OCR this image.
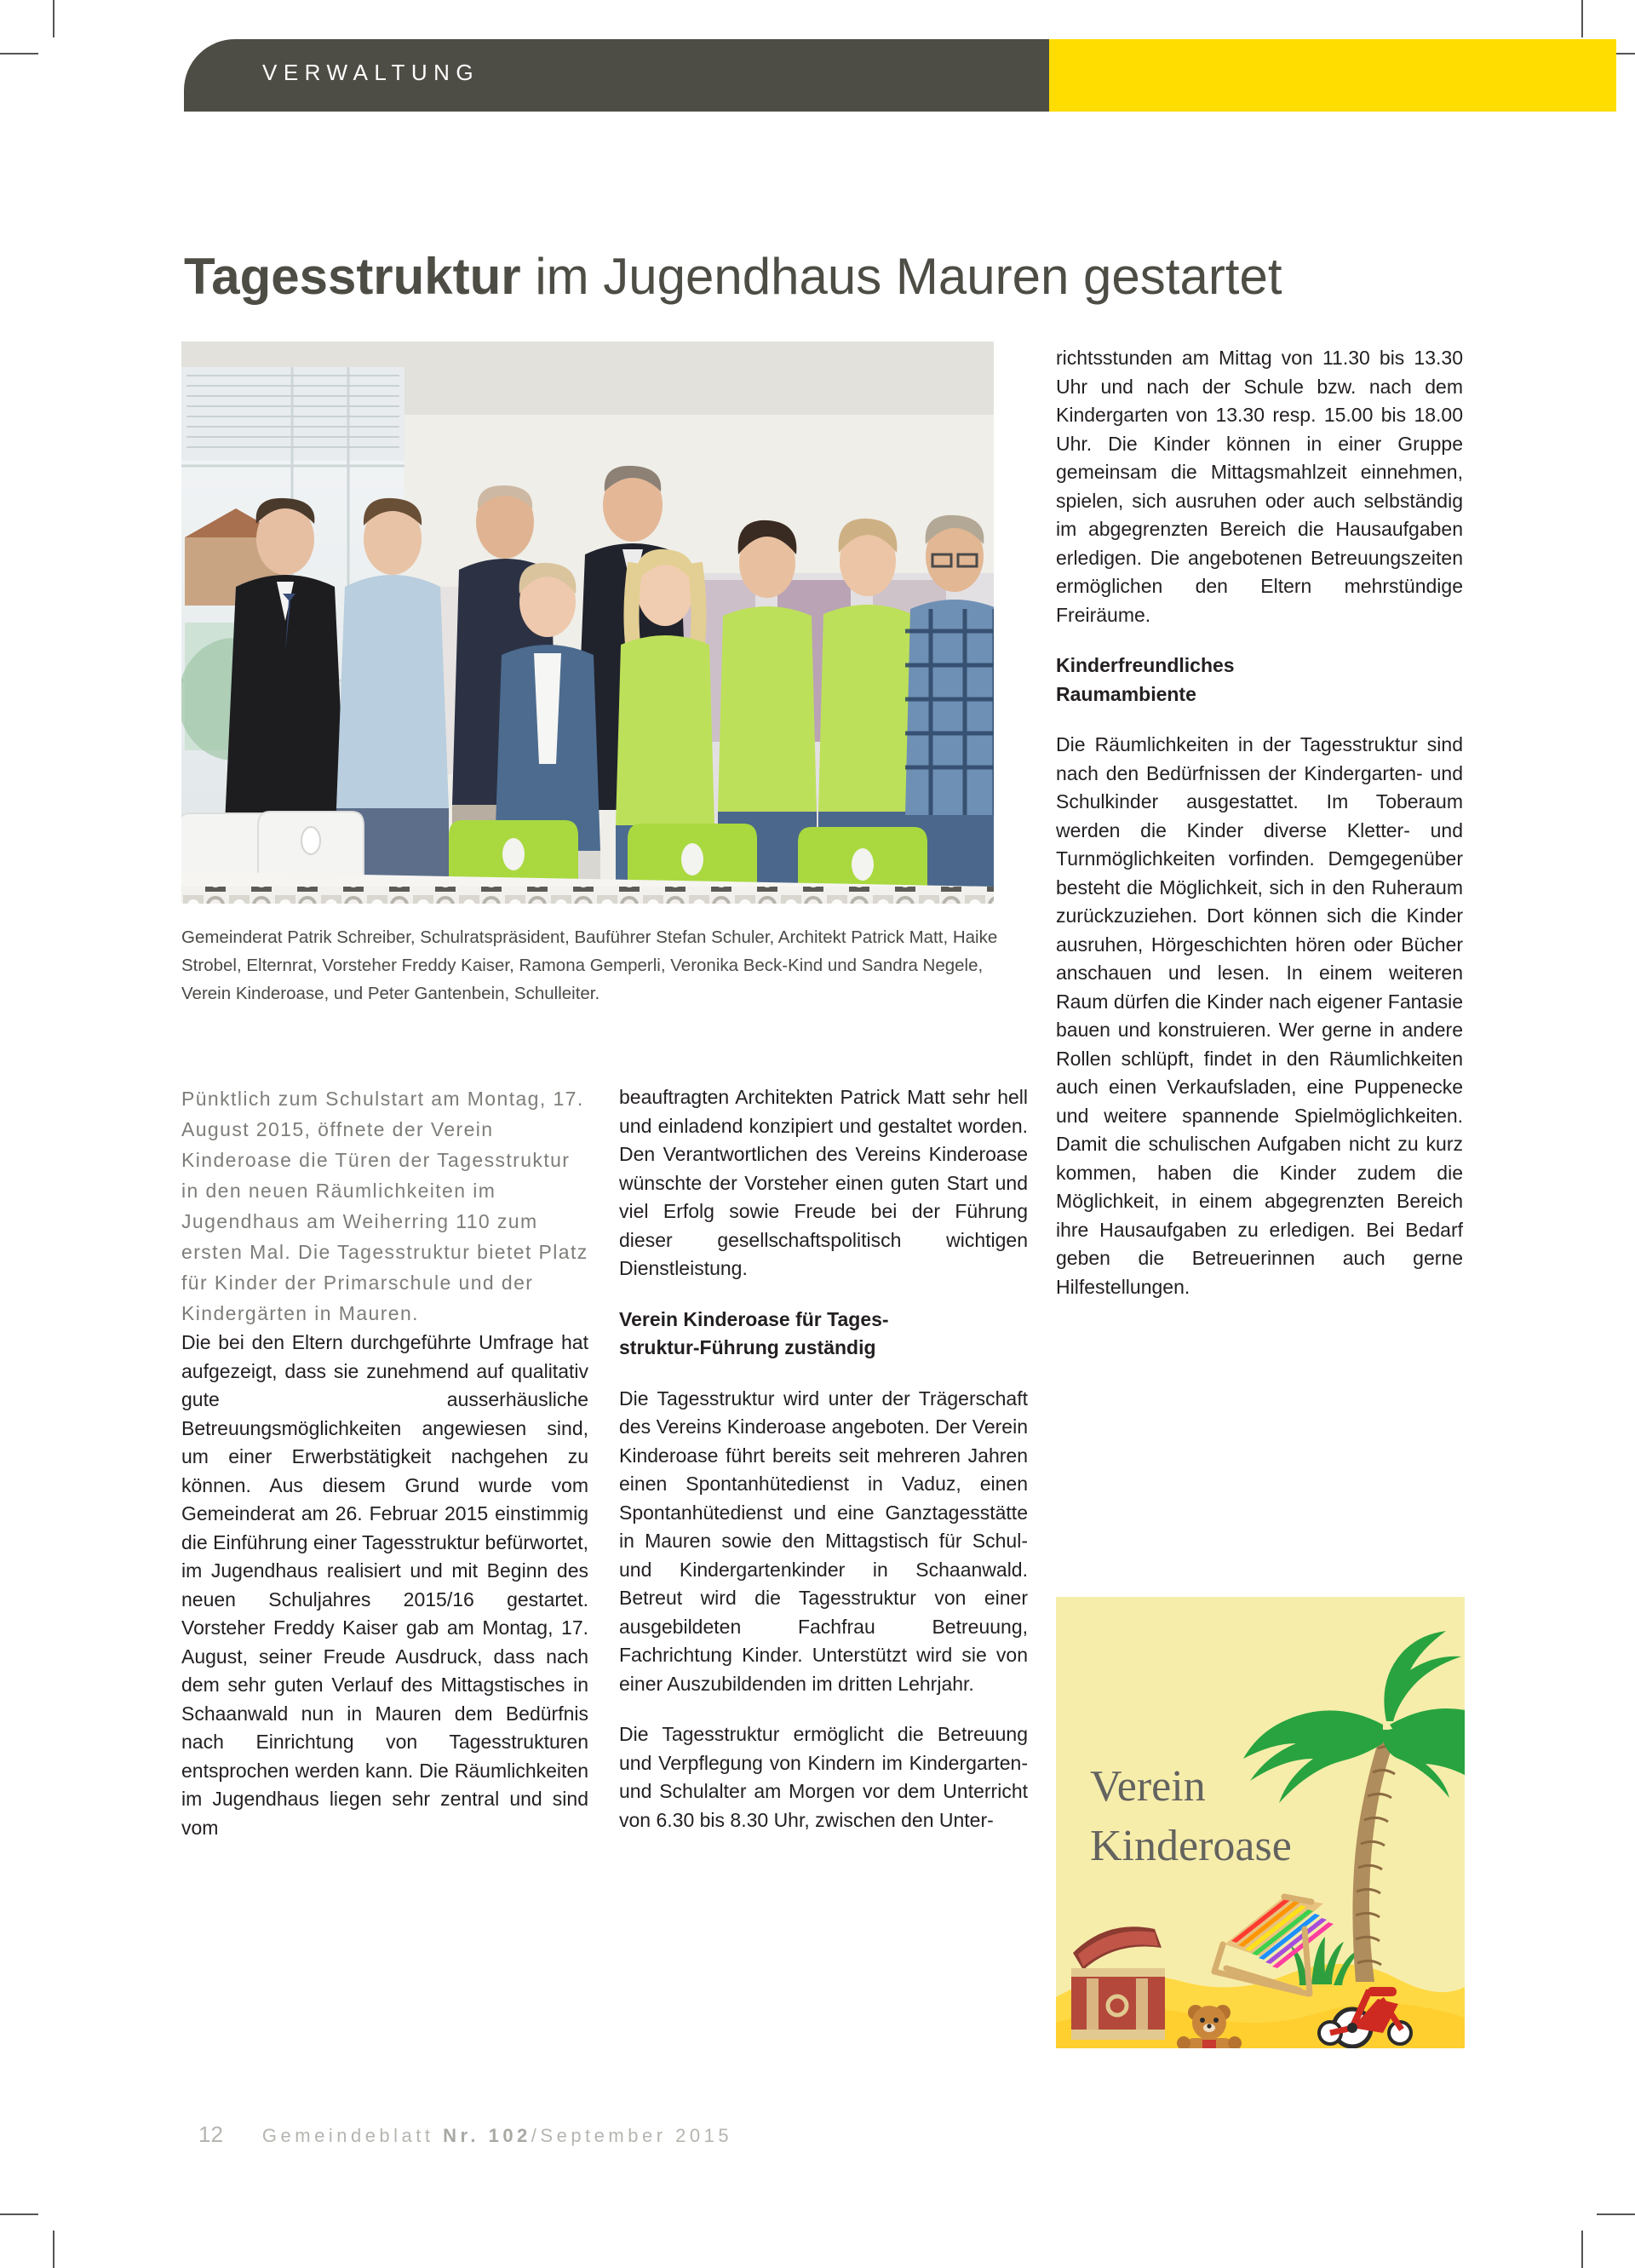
VERWALTUNG
Tagesstruktur im Jugendhaus Mauren gestartet
Gemeinderat Patrik Schreiber, Schulratspräsident, Bauführer Stefan Schuler, Architekt Patrick Matt, Haike Strobel, Elternrat, Vorsteher Freddy Kaiser, Ramona Gemperli, Veronika Beck-Kind und Sandra Negele, Verein Kinderoase, und Peter Gantenbein, Schulleiter.

Pünktlich zum Schulstart am Montag, 17. August 2015, öffnete der Verein Kinderoase die Türen der Tagesstruktur in den neuen Räumlichkeiten im Jugendhaus am Weiherring 110 zum ersten Mal. Die Tagesstruktur bietet Platz für Kinder der Primarschule und der Kindergärten in Mauren.

Die bei den Eltern durchgeführte Umfrage hat aufgezeigt, dass sie zunehmend auf qualitativ gute ausserhäusliche Betreuungsmöglichkeiten angewiesen sind, um einer Erwerbstätigkeit nachgehen zu können. Aus diesem Grund wurde vom Gemeinderat am 26. Februar 2015 einstimmig die Einführung einer Tagesstruktur befürwortet, im Jugendhaus realisiert und mit Beginn des neuen Schuljahres 2015/16 gestartet. Vorsteher Freddy Kaiser gab am Montag, 17. August, seiner Freude Ausdruck, dass nach dem sehr guten Verlauf des Mittagstisches in Schaanwald nun in Mauren dem Bedürfnis nach Einrichtung von Tagesstrukturen entsprochen werden kann. Die Räumlichkeiten im Jugendhaus liegen sehr zentral und sind vom

beauftragten Architekten Patrick Matt sehr hell und einladend konzipiert und gestaltet worden. Den Verantwortlichen des Vereins Kinderoase wünschte der Vorsteher einen guten Start und viel Erfolg sowie Freude bei der Führung dieser gesellschaftspolitisch wichtigen Dienstleistung.

Verein Kinderoase für Tages-
struktur-Führung zuständig

Die Tagesstruktur wird unter der Trägerschaft des Vereins Kinderoase angeboten. Der Verein Kinderoase führt bereits seit mehreren Jahren einen Spontanhütedienst in Vaduz, einen Spontanhütedienst und eine Ganztagesstätte in Mauren sowie den Mittagstisch für Schul- und Kindergartenkinder in Schaanwald. Betreut wird die Tagesstruktur von einer ausgebildeten Fachfrau Betreuung, Fachrichtung Kinder. Unterstützt wird sie von einer Auszubildenden im dritten Lehrjahr.

Die Tagesstruktur ermöglicht die Betreuung und Verpflegung von Kindern im Kindergarten- und Schulalter am Morgen vor dem Unterricht von 6.30 bis 8.30 Uhr, zwischen den Unter-

richtsstunden am Mittag von 11.30 bis 13.30 Uhr und nach der Schule bzw. nach dem Kindergarten von 13.30 resp. 15.00 bis 18.00 Uhr. Die Kinder können in einer Gruppe gemeinsam die Mittagsmahlzeit einnehmen, spielen, sich ausruhen oder auch selbständig im abgegrenzten Bereich die Hausaufgaben erledigen. Die angebotenen Betreuungszeiten ermöglichen den Eltern mehrstündige Freiräume.

Kinderfreundliches
Raumambiente

Die Räumlichkeiten in der Tagesstruktur sind nach den Bedürfnissen der Kindergarten- und Schulkinder ausgestattet. Im Toberaum werden die Kinder diverse Kletter- und Turnmöglichkeiten vorfinden. Demgegenüber besteht die Möglichkeit, sich in den Ruheraum zurückzuziehen. Dort können sich die Kinder ausruhen, Hörgeschichten hören oder Bücher anschauen und lesen. In einem weiteren Raum dürfen die Kinder nach eigener Fantasie bauen und konstruieren. Wer gerne in andere Rollen schlüpft, findet in den Räumlichkeiten auch einen Verkaufsladen, eine Puppenecke und weitere spannende Spielmöglichkeiten. Damit die schulischen Aufgaben nicht zu kurz kommen, haben die Kinder zudem die Möglichkeit, in einem abgegrenzten Bereich ihre Hausaufgaben zu erledigen. Bei Bedarf geben die Betreuerinnen auch gerne Hilfestellungen.

Verein
Kinderoase
12 Gemeindeblatt Nr. 102/September 2015
